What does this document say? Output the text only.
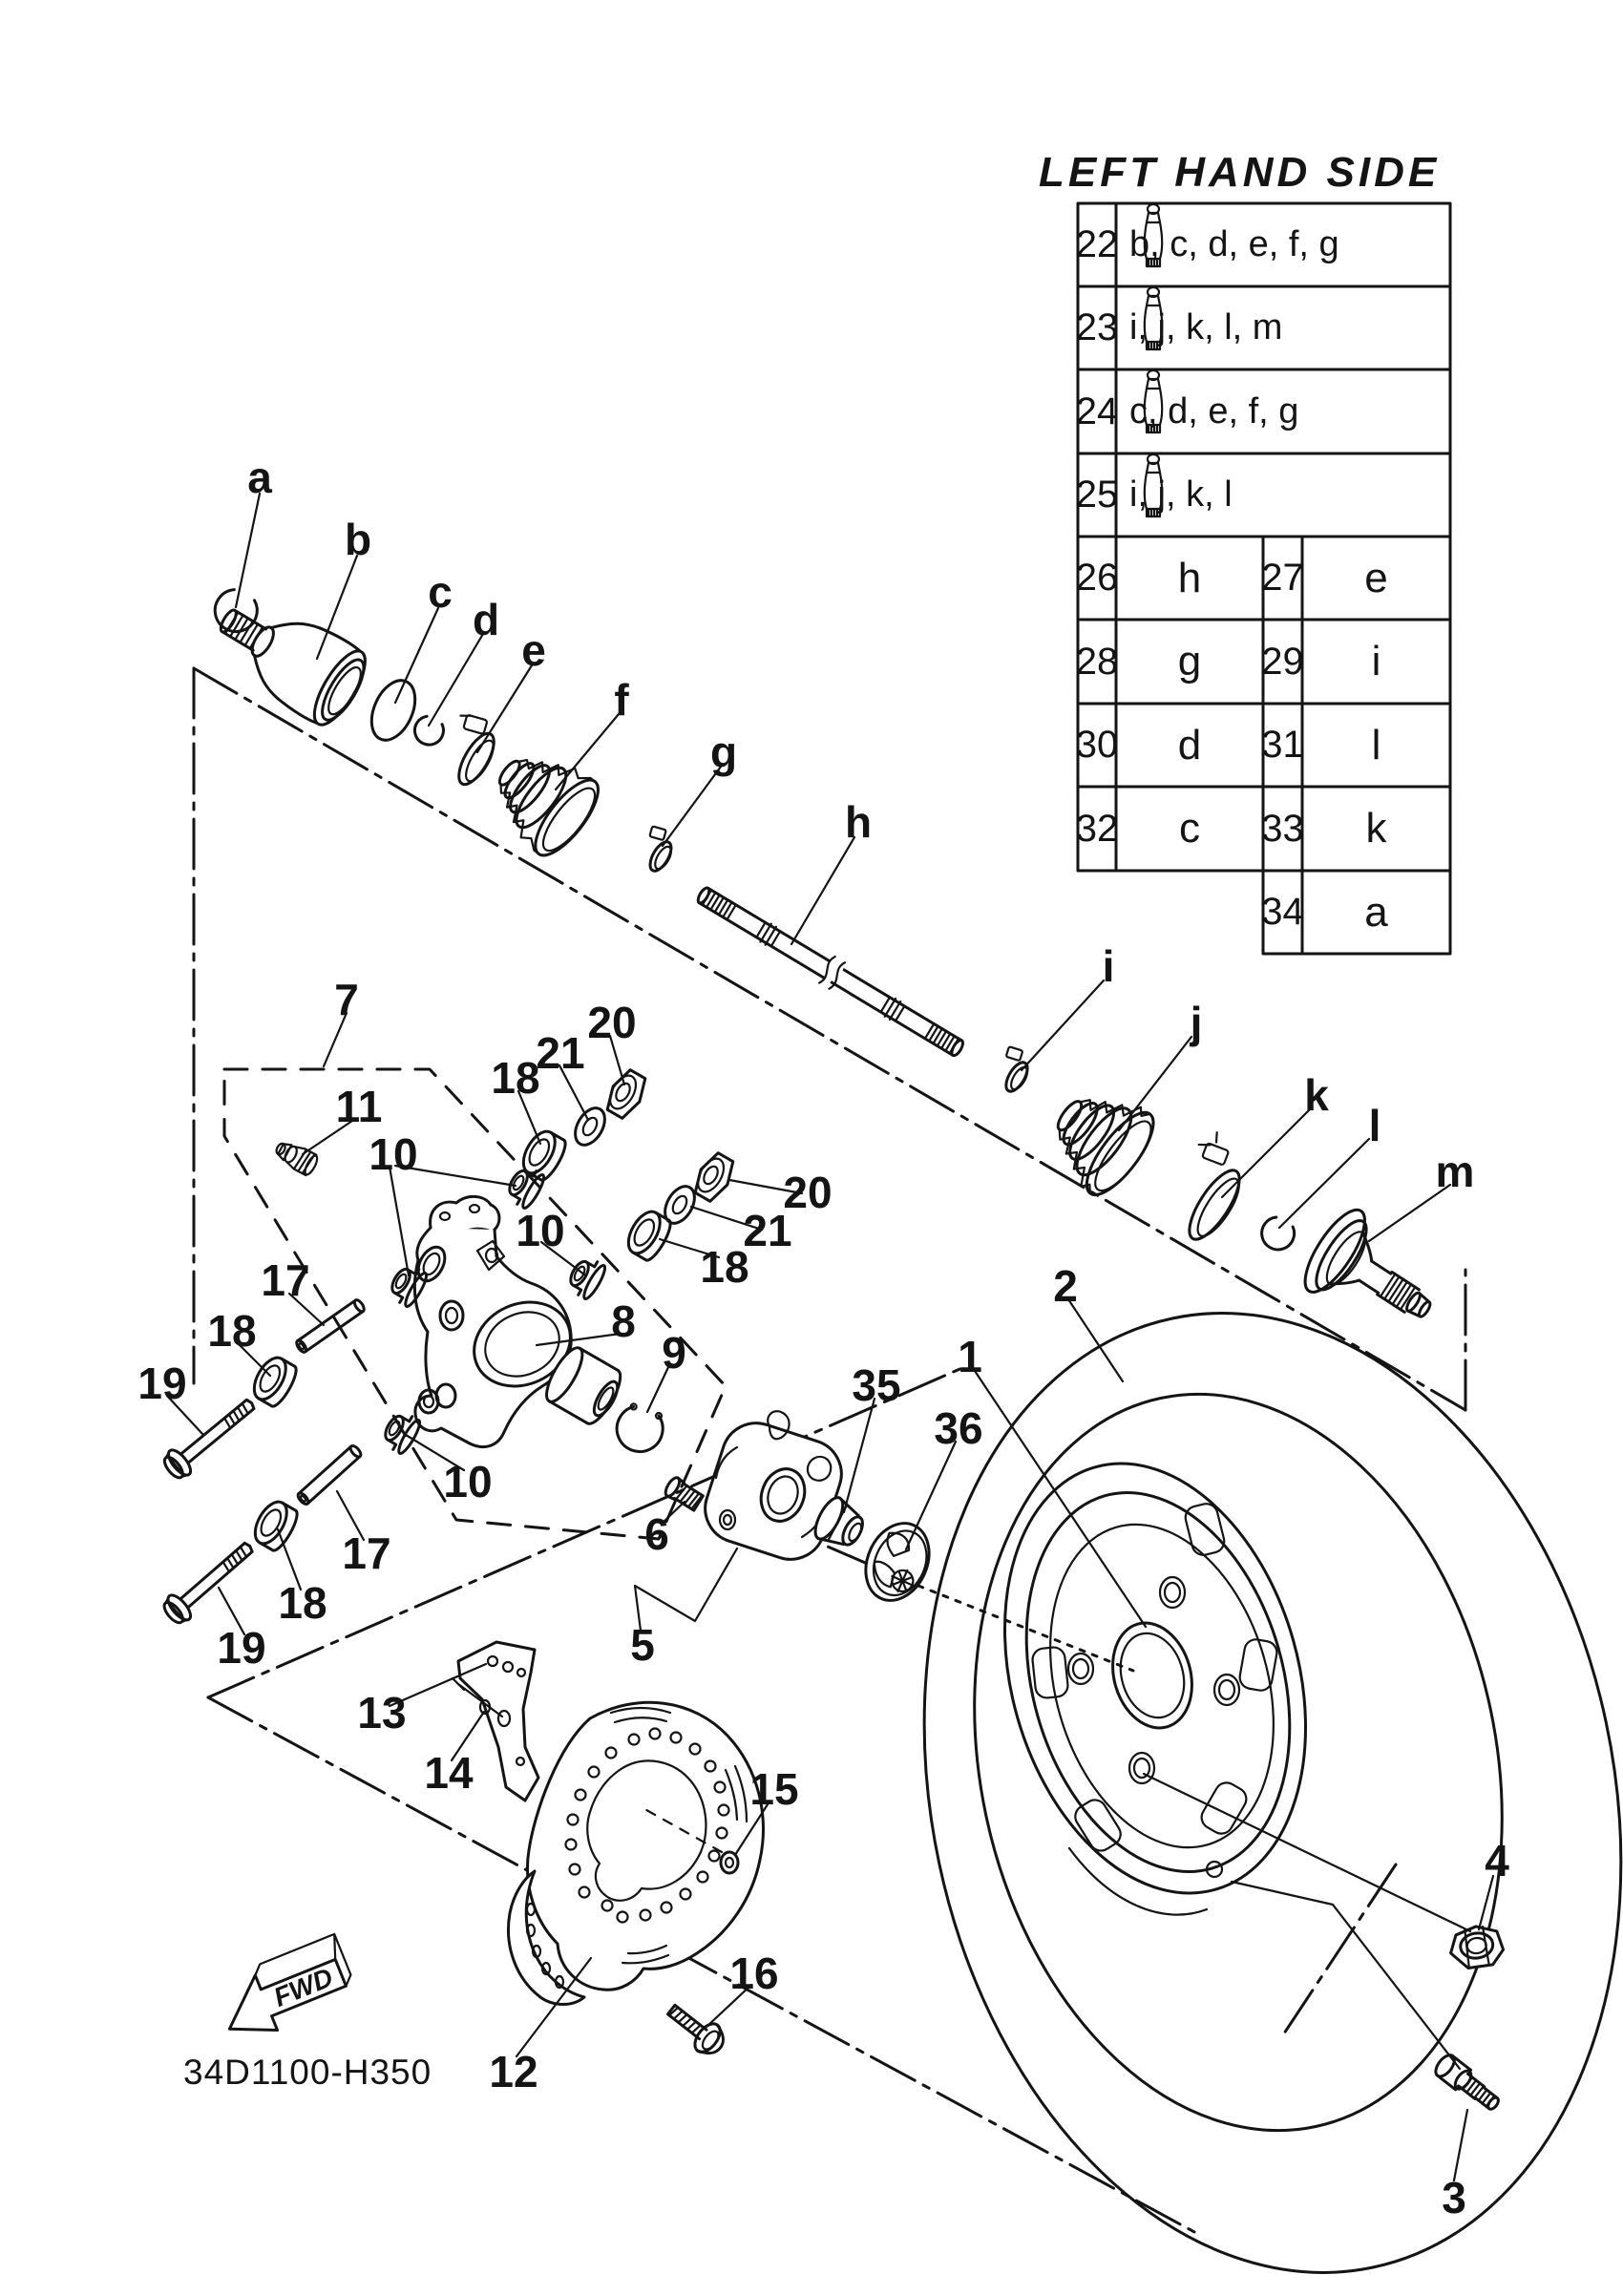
FWD
LEFT HAND SIDE
22 b, c, d, e, f, g
23 i, j, k, l, m
24 c, d, e, f, g
25 i, j, k, l
26	h	27	e
28	g	29	i
30	d	31	l
32	c	33	k
34	a
a
b
c
d
e
f
g
h
i
j
k
l
m
1
2
3
4
5
6
7
8
9
10
10
10
11
12
13
14	15
16
17
17
18
18
18
18
19
19
20
20
21
21
35
36
34D1100-H350
